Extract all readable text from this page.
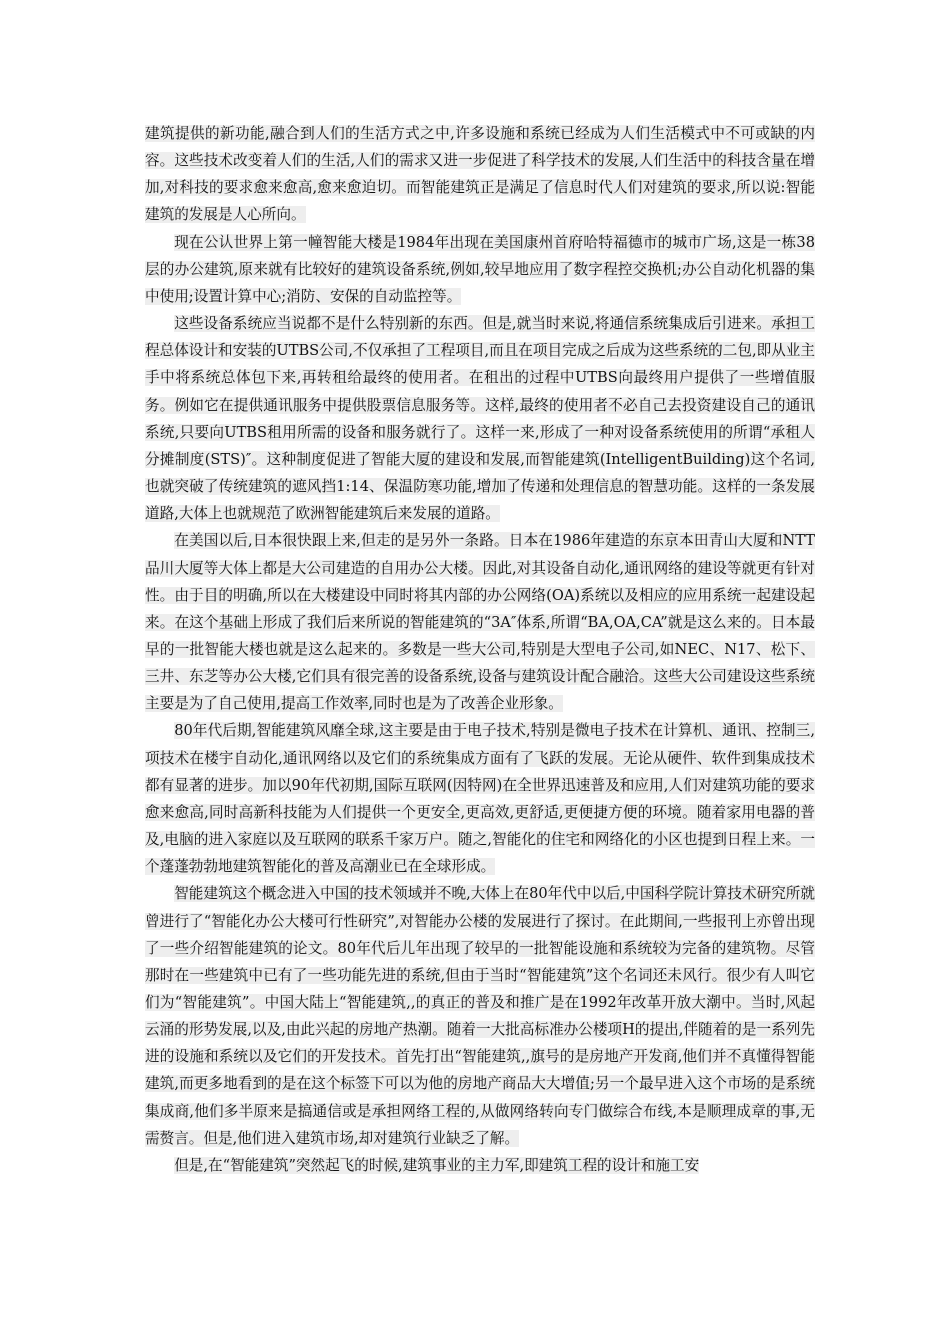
建筑提供的新功能,融合到人们的生活方式之中,许多设施和系统已经成为人们生活模式中不可或缺的内容。这些技术改变着人们的生活,人们的需求又进一步促进了科学技术的发展,人们生活中的科技含量在增加,对科技的要求愈来愈高,愈来愈迫切。而智能建筑正是满足了信息时代人们对建筑的要求,所以说:智能建筑的发展是人心所向。

现在公认世界上第一幢智能大楼是1984年出现在美国康州首府哈特福德市的城市广场,这是一栋38层的办公建筑,原来就有比较好的建筑设备系统,例如,较早地应用了数字程控交换机;办公自动化机器的集中使用;设置计算中心;消防、安保的自动监控等。

这些设备系统应当说都不是什么特别新的东西。但是,就当时来说,将通信系统集成后引进来。承担工程总体设计和安装的UTBS公司,不仅承担了工程项目,而且在项目完成之后成为这些系统的二包,即从业主手中将系统总体包下来,再转租给最终的使用者。在租出的过程中UTBS向最终用户提供了一些增值服务。例如它在提供通讯服务中提供股票信息服务等。这样,最终的使用者不必自己去投资建设自己的通讯系统,只要向UTBS租用所需的设备和服务就行了。这样一来,形成了一种对设备系统使用的所谓“承租人分摊制度(STS)″。这种制度促进了智能大厦的建设和发展,而智能建筑(IntelligentBuilding)这个名词,也就突破了传统建筑的遮风挡1:14、保温防寒功能,增加了传递和处理信息的智慧功能。这样的一条发展道路,大体上也就规范了欧洲智能建筑后来发展的道路。

在美国以后,日本很快跟上来,但走的是另外一条路。日本在1986年建造的东京本田青山大厦和NTT品川大厦等大体上都是大公司建造的自用办公大楼。因此,对其设备自动化,通讯网络的建设等就更有针对性。由于目的明确,所以在大楼建设中同时将其内部的办公网络(OA)系统以及相应的应用系统一起建设起来。在这个基础上形成了我们后来所说的智能建筑的“3A″体系,所谓“BA,OA,CA”就是这么来的。日本最早的一批智能大楼也就是这么起来的。多数是一些大公司,特别是大型电子公司,如NEC、N17、松下、三井、东芝等办公大楼,它们具有很完善的设备系统,设备与建筑设计配合融洽。这些大公司建设这些系统主要是为了自己使用,提高工作效率,同时也是为了改善企业形象。

80年代后期,智能建筑风靡全球,这主要是由于电子技术,特别是微电子技术在计算机、通讯、控制三,项技术在楼宇自动化,通讯网络以及它们的系统集成方面有了飞跃的发展。无论从硬件、软件到集成技术都有显著的进步。加以90年代初期,国际互联网(因特网)在全世界迅速普及和应用,人们对建筑功能的要求愈来愈高,同时高新科技能为人们提供一个更安全,更高效,更舒适,更便捷方便的环境。随着家用电器的普及,电脑的进入家庭以及互联网的联系千家万户。随之,智能化的住宅和网络化的小区也提到日程上来。一个蓬蓬勃勃地建筑智能化的普及高潮业已在全球形成。

智能建筑这个概念进入中国的技术领域并不晚,大体上在80年代中以后,中国科学院计算技术研究所就曾进行了“智能化办公大楼可行性研究”,对智能办公楼的发展进行了探讨。在此期间,一些报刊上亦曾出现了一些介绍智能建筑的论文。80年代后儿年出现了较早的一批智能设施和系统较为完备的建筑物。尽管那时在一些建筑中已有了一些功能先进的系统,但由于当时“智能建筑”这个名词还未风行。很少有人叫它们为“智能建筑”。中国大陆上“智能建筑,,的真正的普及和推广是在1992年改革开放大潮中。当时,风起云涌的形势发展,以及,由此兴起的房地产热潮。随着一大批高标准办公楼项H的提出,伴随着的是一系列先进的设施和系统以及它们的开发技术。首先打出“智能建筑,,旗号的是房地产开发商,他们并不真懂得智能建筑,而更多地看到的是在这个标签下可以为他的房地产商品大大增值;另一个最早进入这个市场的是系统集成商,他们多半原来是搞通信或是承担网络工程的,从做网络转向专门做综合布线,本是顺理成章的事,无需赘言。但是,他们进入建筑市场,却对建筑行业缺乏了解。

但是,在“智能建筑”突然起飞的时候,建筑事业的主力军,即建筑工程的设计和施工安
